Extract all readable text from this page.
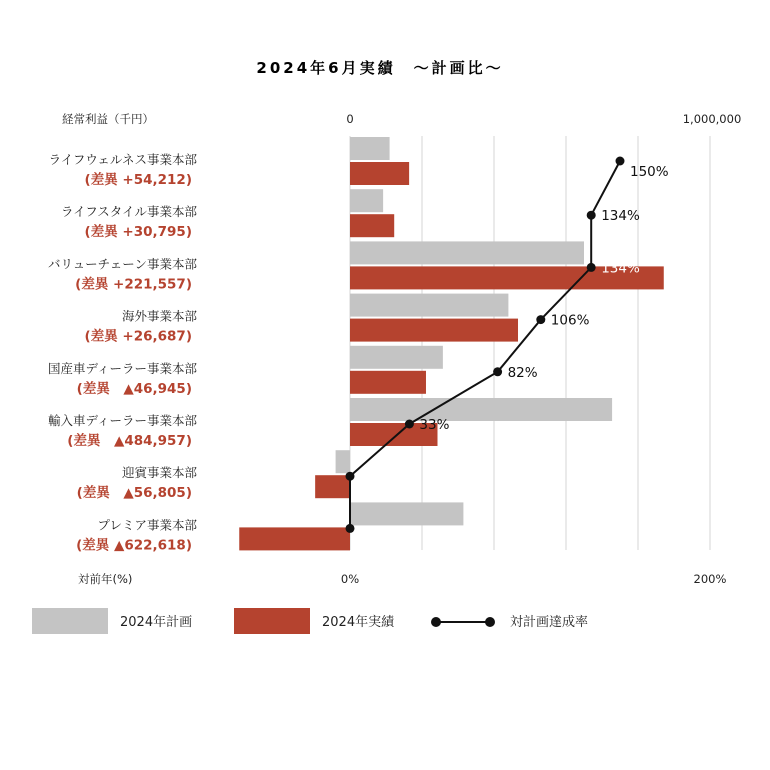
2024年6月実績　～計画比～
経常利益（千円）	0	1,000,000
150%
134%
134%
106%
82%
33%
ライフウェルネス事業本部
(差異 +54,212)
ライフスタイル事業本部
(差異 +30,795)
バリューチェーン事業本部
(差異 +221,557)
海外事業本部
(差異 +26,687)
国産車ディーラー事業本部
(差異　▲46,945)
輸入車ディーラー事業本部
(差異　▲484,957)
迎賓事業本部
(差異　▲56,805)
プレミア事業本部
(差異 ▲622,618)
対前年(%)	0%	200%
2024年計画	2024年実績	対計画達成率
